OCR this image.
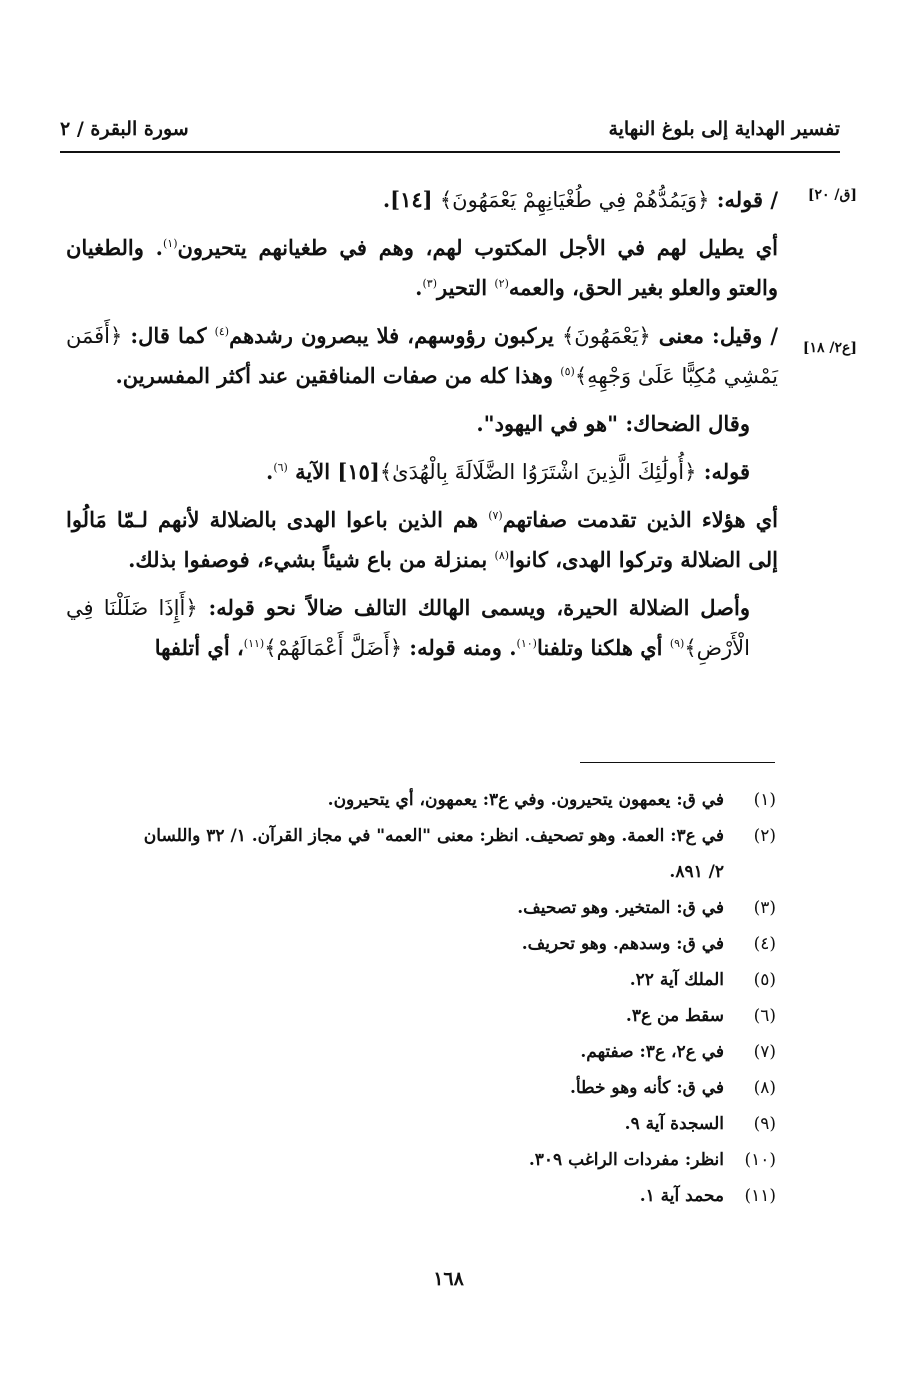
تفسير الهداية إلى بلوغ النهاية
سورة البقرة / ٢
[ق/ ٢٠]
[ع٢/ ١٨]

/ قوله: ﴿وَيَمُدُّهُمْ فِي طُغْيَانِهِمْ يَعْمَهُونَ﴾ [١٤].

أي يطيل لهم في الأجل المكتوب لهم، وهم في طغيانهم يتحيرون$^{(١)}$. والطغيان والعتو والعلو بغير الحق، والعمه$^{(٢)}$ التحير$^{(٣)}$.

/ وقيل: معنى ﴿يَعْمَهُونَ﴾ يركبون رؤوسهم، فلا يبصرون رشدهم$^{(٤)}$ كما قال: ﴿أَفَمَن يَمْشِي مُكِبًّا عَلَىٰ وَجْهِهِ﴾$^{(٥)}$ وهذا كله من صفات المنافقين عند أكثر المفسرين.

وقال الضحاك: "هو في اليهود".

قوله: ﴿أُولَٰئِكَ الَّذِينَ اشْتَرَوُا الضَّلَالَةَ بِالْهُدَىٰ﴾[١٥] الآية $^{(٦)}$.

أي هؤلاء الذين تقدمت صفاتهم$^{(٧)}$ هم الذين باعوا الهدى بالضلالة لأنهم لـمّا مَالُوا إلى الضلالة وتركوا الهدى، كانوا$^{(٨)}$ بمنزلة من باع شيئاً بشيء، فوصفوا بذلك.

وأصل الضلالة الحيرة، ويسمى الهالك التالف ضالاً نحو قوله: ﴿أَإِذَا ضَلَلْنَا فِي الْأَرْضِ﴾$^{(٩)}$ أي هلكنا وتلفنا$^{(١٠)}$. ومنه قوله: ﴿أَضَلَّ أَعْمَالَهُمْ﴾$^{(١١)}$، أي أتلفها

(١)
في ق: يعمهون يتحيرون. وفي ع٣: يعمهون، أي يتحيرون.
(٢)
في ع٣: العمة. وهو تصحيف. انظر: معنى "العمه" في مجاز القرآن. ١/ ٣٢ واللسان
٢/ ٨٩١.
(٣)
في ق: المتخير. وهو تصحيف.
(٤)
في ق: وسدهم. وهو تحريف.
(٥)
الملك آية ٢٢.
(٦)
سقط من ع٣.
(٧)
في ع٢، ع٣: صفتهم.
(٨)
في ق: كأنه وهو خطأ.
(٩)
السجدة آية ٩.
(١٠)
انظر: مفردات الراغب ٣٠٩.
(١١)
محمد آية ١.
١٦٨
